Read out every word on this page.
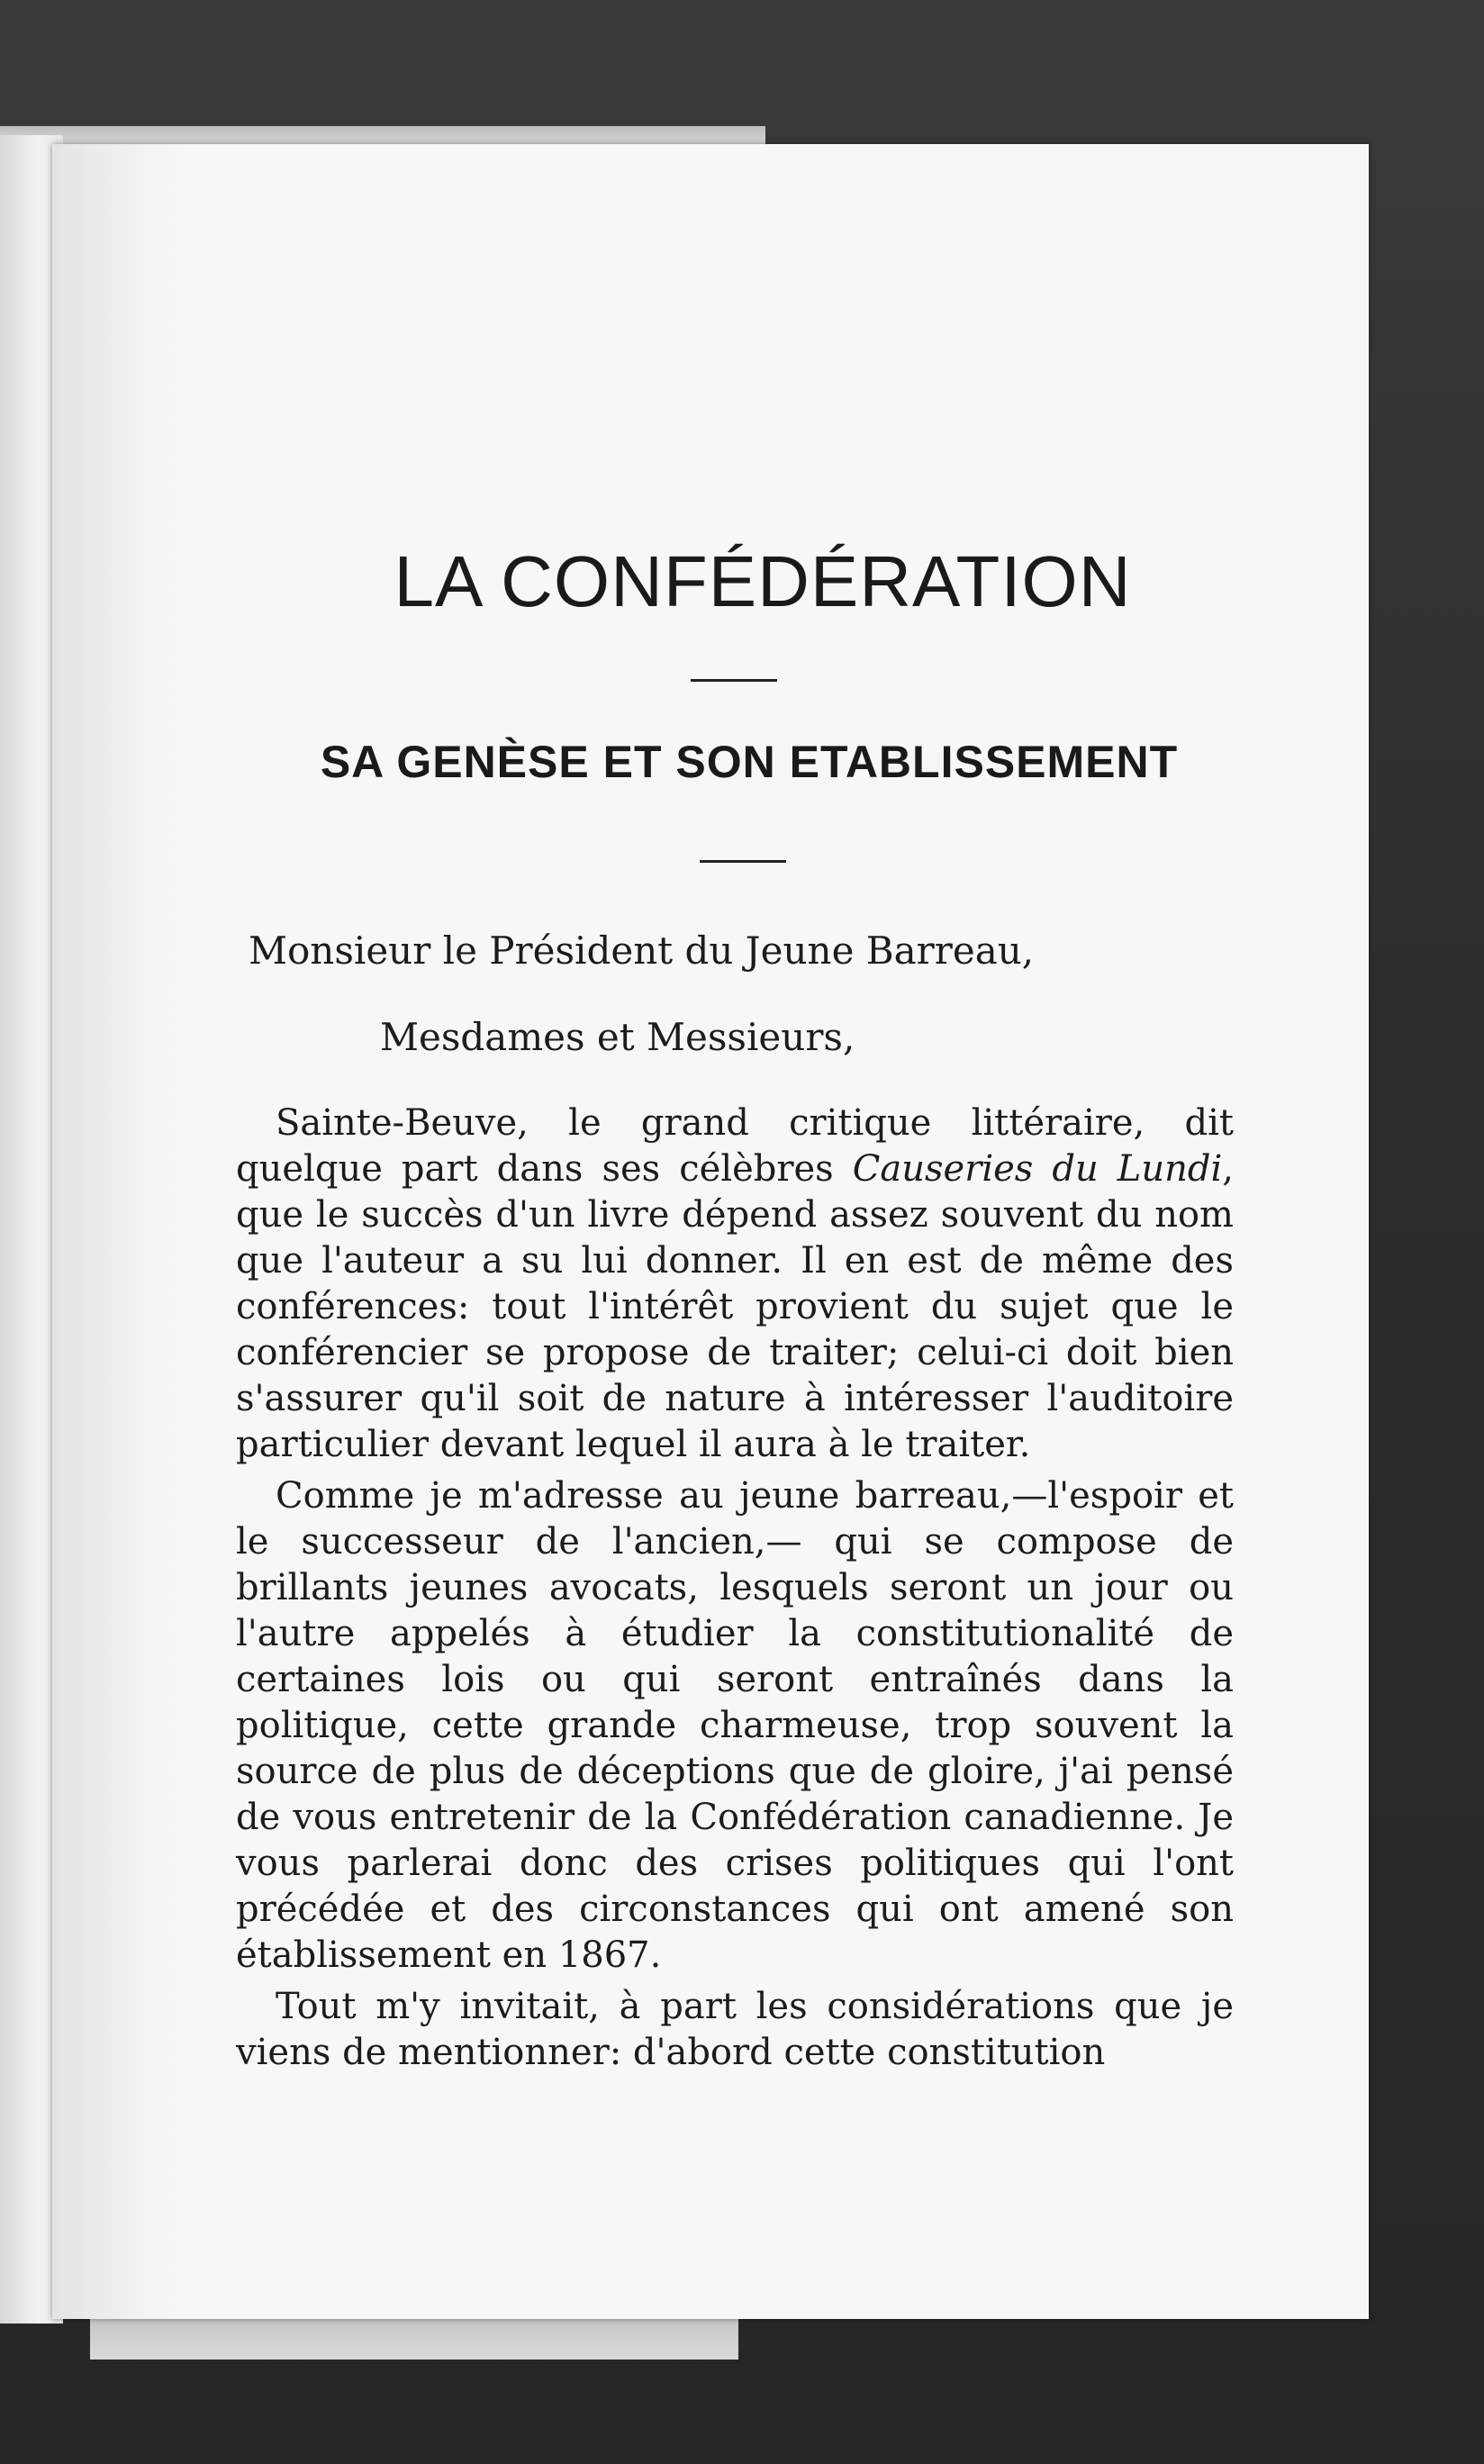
LA CONFÉDÉRATION
SA GENÈSE ET SON ETABLISSEMENT

Monsieur le Président du Jeune Barreau,

Mesdames et Messieurs,

Sainte-Beuve, le grand critique littéraire, dit quelque part dans ses célèbres Causeries du Lundi, que le succès d'un livre dépend assez souvent du nom que l'auteur a su lui donner. Il en est de même des conférences: tout l'intérêt provient du sujet que le conférencier se propose de traiter; celui-ci doit bien s'assurer qu'il soit de nature à intéresser l'auditoire particulier devant lequel il aura à le traiter.

Comme je m'adresse au jeune barreau,—l'espoir et le successeur de l'ancien,— qui se compose de brillants jeunes avocats, lesquels seront un jour ou l'autre appelés à étudier la constitutionalité de certaines lois ou qui seront entraînés dans la politique, cette grande charmeuse, trop souvent la source de plus de déceptions que de gloire, j'ai pensé de vous entretenir de la Confédération canadienne. Je vous parlerai donc des crises politiques qui l'ont précédée et des circonstances qui ont amené son établissement en 1867.

Tout m'y invitait, à part les considérations que je viens de mentionner: d'abord cette constitution
